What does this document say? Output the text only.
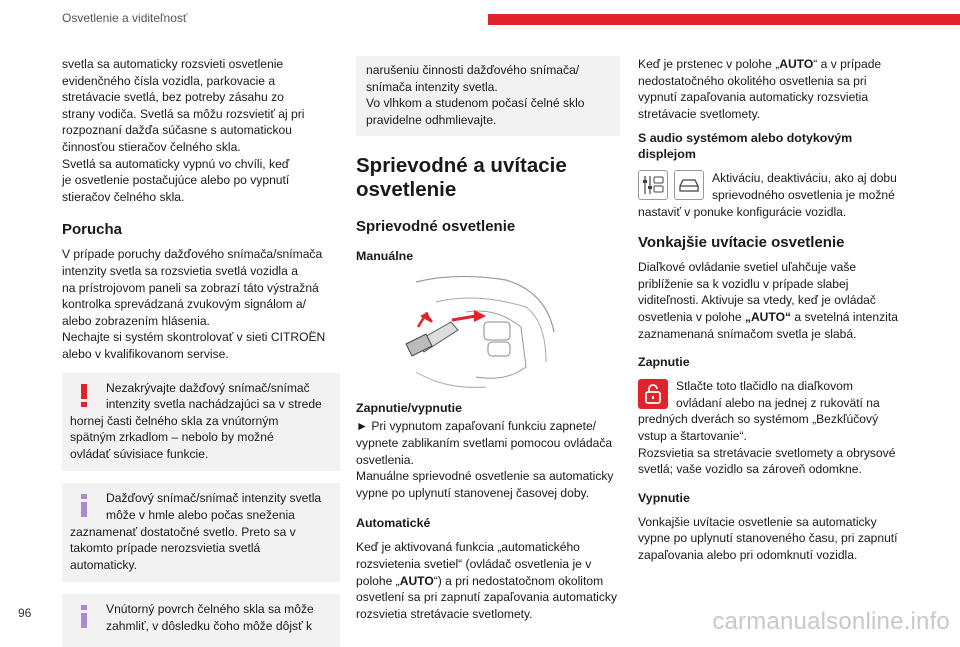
Osvetlenie a viditeľnosť

svetla sa automaticky rozsvieti osvetlenie
evidenčného čísla vozidla, parkovacie a
stretávacie svetlá, bez potreby zásahu zo
strany vodiča. Svetlá sa môžu rozsvietiť aj pri
rozpoznaní dažďa súčasne s automatickou
činnosťou stieračov čelného skla.
Svetlá sa automaticky vypnú vo chvíli, keď
je osvetlenie postačujúce alebo po vypnutí
stieračov čelného skla.

Porucha

V prípade poruchy dažďového snímača/snímača
intenzity svetla sa rozsvietia svetlá vozidla a
na prístrojovom paneli sa zobrazí táto výstražná
kontrolka sprevádzaná zvukovým signálom a/
alebo zobrazením hlásenia.
Nechajte si systém skontrolovať v sieti CITROËN
alebo v kvalifikovanom servise.

Nezakrývajte dažďový snímač/snímač
intenzity svetla nachádzajúci sa v strede
hornej časti čelného skla za vnútorným
spätným zrkadlom – nebolo by možné
ovládať súvisiace funkcie.
Dažďový snímač/snímač intenzity svetla
môže v hmle alebo počas sneženia
zaznamenať dostatočné svetlo. Preto sa v
takomto prípade nerozsvietia svetlá
automaticky.
Vnútorný povrch čelného skla sa môže
zahmliť, v dôsledku čoho môže dôjsť k
narušeniu činnosti dažďového snímača/
snímača intenzity svetla.
Vo vlhkom a studenom počasí čelné sklo
pravidelne odhmlievajte.
Sprievodné a uvítacie
osvetlenie
Sprievodné osvetlenie
Manuálne
Zapnutie/vypnutie

► Pri vypnutom zapaľovaní funkciu zapnete/
vypnete zablikaním svetlami pomocou ovládača
osvetlenia.
Manuálne sprievodné osvetlenie sa automaticky
vypne po uplynutí stanovenej časovej doby.

Automatické

Keď je aktivovaná funkcia „automatického
rozsvietenia svetiel“ (ovládač osvetlenia je v
polohe „AUTO“) a pri nedostatočnom okolitom
osvetlení sa pri zapnutí zapaľovania automaticky
rozsvietia stretávacie svetlomety.

Keď je prstenec v polohe „AUTO“ a v prípade
nedostatočného okolitého osvetlenia sa pri
vypnutí zapaľovania automaticky rozsvietia
stretávacie svetlomety.

S audio systémom alebo dotykovým
displejom
Aktiváciu, deaktiváciu, ako aj dobu
sprievodného osvetlenia je možné
nastaviť v ponuke konfigurácie vozidla.
Vonkajšie uvítacie osvetlenie

Diaľkové ovládanie svetiel uľahčuje vaše
priblíženie sa k vozidlu v prípade slabej
viditeľnosti. Aktivuje sa vtedy, keď je ovládač
osvetlenia v polohe „AUTO“ a svetelná intenzita
zaznamenaná snímačom svetla je slabá.

Zapnutie
Stlačte toto tlačidlo na diaľkovom
ovládaní alebo na jednej z rukovätí na
predných dverách so systémom „Bezkľúčový
vstup a štartovanie“.
Rozsvietia sa stretávacie svetlomety a obrysové
svetlá; vaše vozidlo sa zároveň odomkne.
Vypnutie

Vonkajšie uvítacie osvetlenie sa automaticky
vypne po uplynutí stanoveného času, pri zapnutí
zapaľovania alebo pri odomknutí vozidla.

96	carmanualsonline.info
